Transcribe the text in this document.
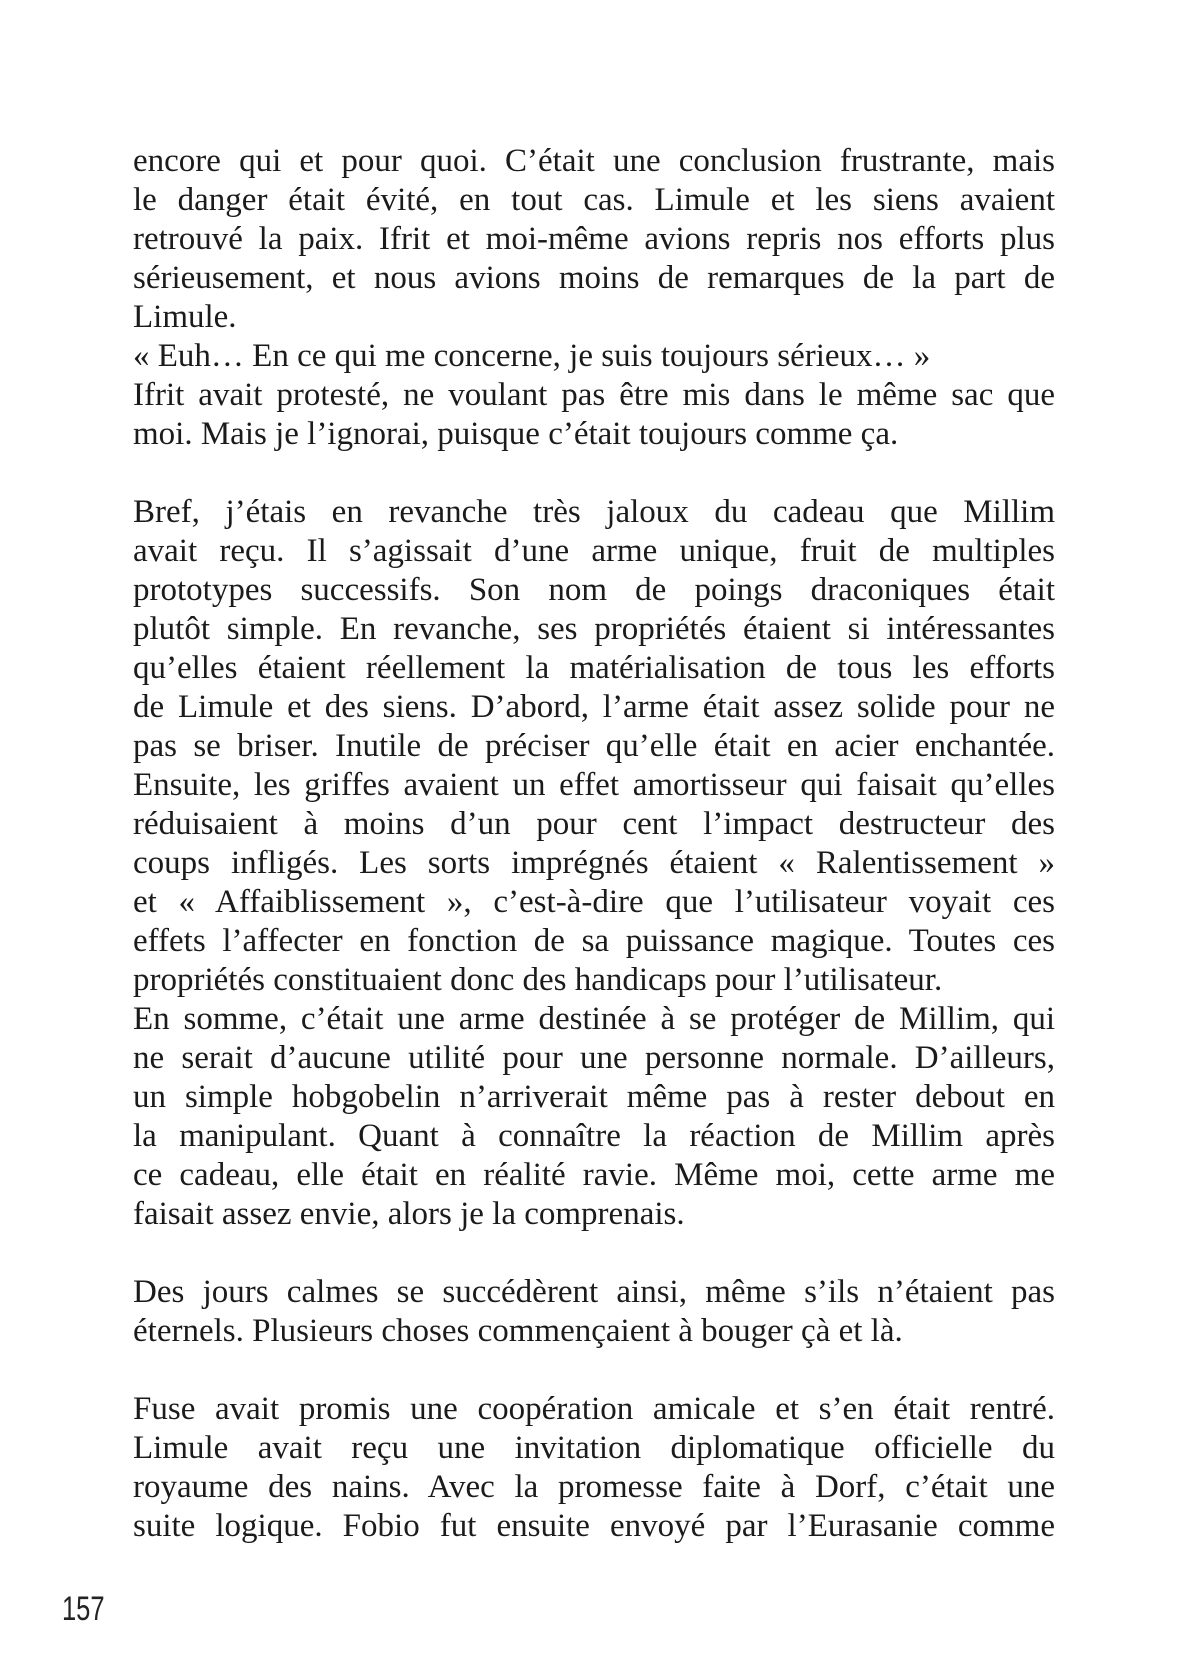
encore qui et pour quoi. C’était une conclusion frustrante, mais
le danger était évité, en tout cas. Limule et les siens avaient
retrouvé la paix. Ifrit et moi-même avions repris nos efforts plus
sérieusement, et nous avions moins de remarques de la part de
Limule.
« Euh… En ce qui me concerne, je suis toujours sérieux… »
Ifrit avait protesté, ne voulant pas être mis dans le même sac que
moi. Mais je l’ignorai, puisque c’était toujours comme ça.
Bref, j’étais en revanche très jaloux du cadeau que Millim
avait reçu. Il s’agissait d’une arme unique, fruit de multiples
prototypes successifs. Son nom de poings draconiques était
plutôt simple. En revanche, ses propriétés étaient si intéressantes
qu’elles étaient réellement la matérialisation de tous les efforts
de Limule et des siens. D’abord, l’arme était assez solide pour ne
pas se briser. Inutile de préciser qu’elle était en acier enchantée.
Ensuite, les griffes avaient un effet amortisseur qui faisait qu’elles
réduisaient à moins d’un pour cent l’impact destructeur des
coups infligés. Les sorts imprégnés étaient « Ralentissement »
et « Affaiblissement », c’est-à-dire que l’utilisateur voyait ces
effets l’affecter en fonction de sa puissance magique. Toutes ces
propriétés constituaient donc des handicaps pour l’utilisateur.
En somme, c’était une arme destinée à se protéger de Millim, qui
ne serait d’aucune utilité pour une personne normale. D’ailleurs,
un simple hobgobelin n’arriverait même pas à rester debout en
la manipulant. Quant à connaître la réaction de Millim après
ce cadeau, elle était en réalité ravie. Même moi, cette arme me
faisait assez envie, alors je la comprenais.
Des jours calmes se succédèrent ainsi, même s’ils n’étaient pas
éternels. Plusieurs choses commençaient à bouger çà et là.
Fuse avait promis une coopération amicale et s’en était rentré.
Limule avait reçu une invitation diplomatique officielle du
royaume des nains. Avec la promesse faite à Dorf, c’était une
suite logique. Fobio fut ensuite envoyé par l’Eurasanie comme
157
